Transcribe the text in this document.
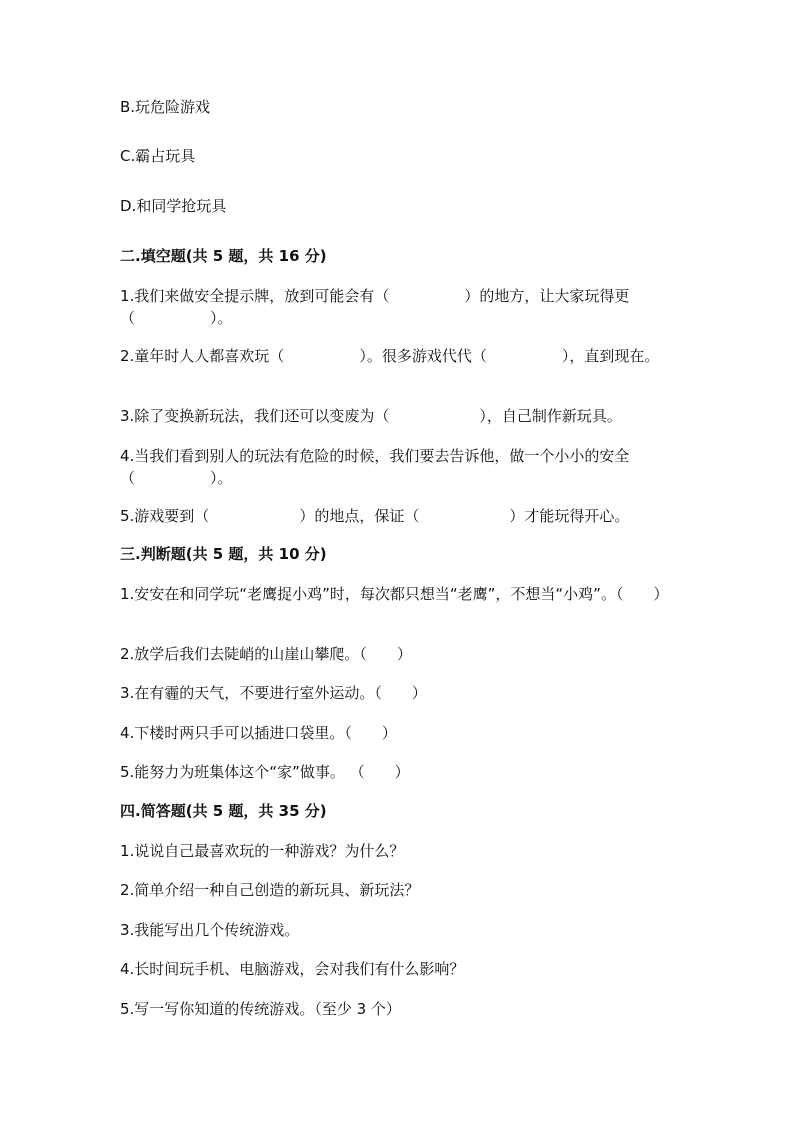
B.玩危险游戏
C.霸占玩具
D.和同学抢玩具
二.填空题(共 5 题，共 16 分)
1.我们来做安全提示牌，放到可能会有（　　　　　）的地方，让大家玩得更（　　　　　）。
2.童年时人人都喜欢玩（　　　　　）。很多游戏代代（　　　　　），直到现在。
3.除了变换新玩法，我们还可以变废为（　　　　　　），自己制作新玩具。
4.当我们看到别人的玩法有危险的时候，我们要去告诉他，做一个小小的安全（　　　　　）。
5.游戏要到（　　　　　　）的地点，保证（　　　　　　）才能玩得开心。
三.判断题(共 5 题，共 10 分)
1.安安在和同学玩“老鹰捉小鸡”时，每次都只想当“老鹰”，不想当“小鸡”。（　　）
2.放学后我们去陡峭的山崖山攀爬。（　　）
3.在有霾的天气，不要进行室外运动。（　　）
4.下楼时两只手可以插进口袋里。（　　）
5.能努力为班集体这个“家”做事。 （　　）
四.简答题(共 5 题，共 35 分)
1.说说自己最喜欢玩的一种游戏？为什么？
2.简单介绍一种自己创造的新玩具、新玩法？
3.我能写出几个传统游戏。
4.长时间玩手机、电脑游戏，会对我们有什么影响？
5.写一写你知道的传统游戏。（至少 3 个）
